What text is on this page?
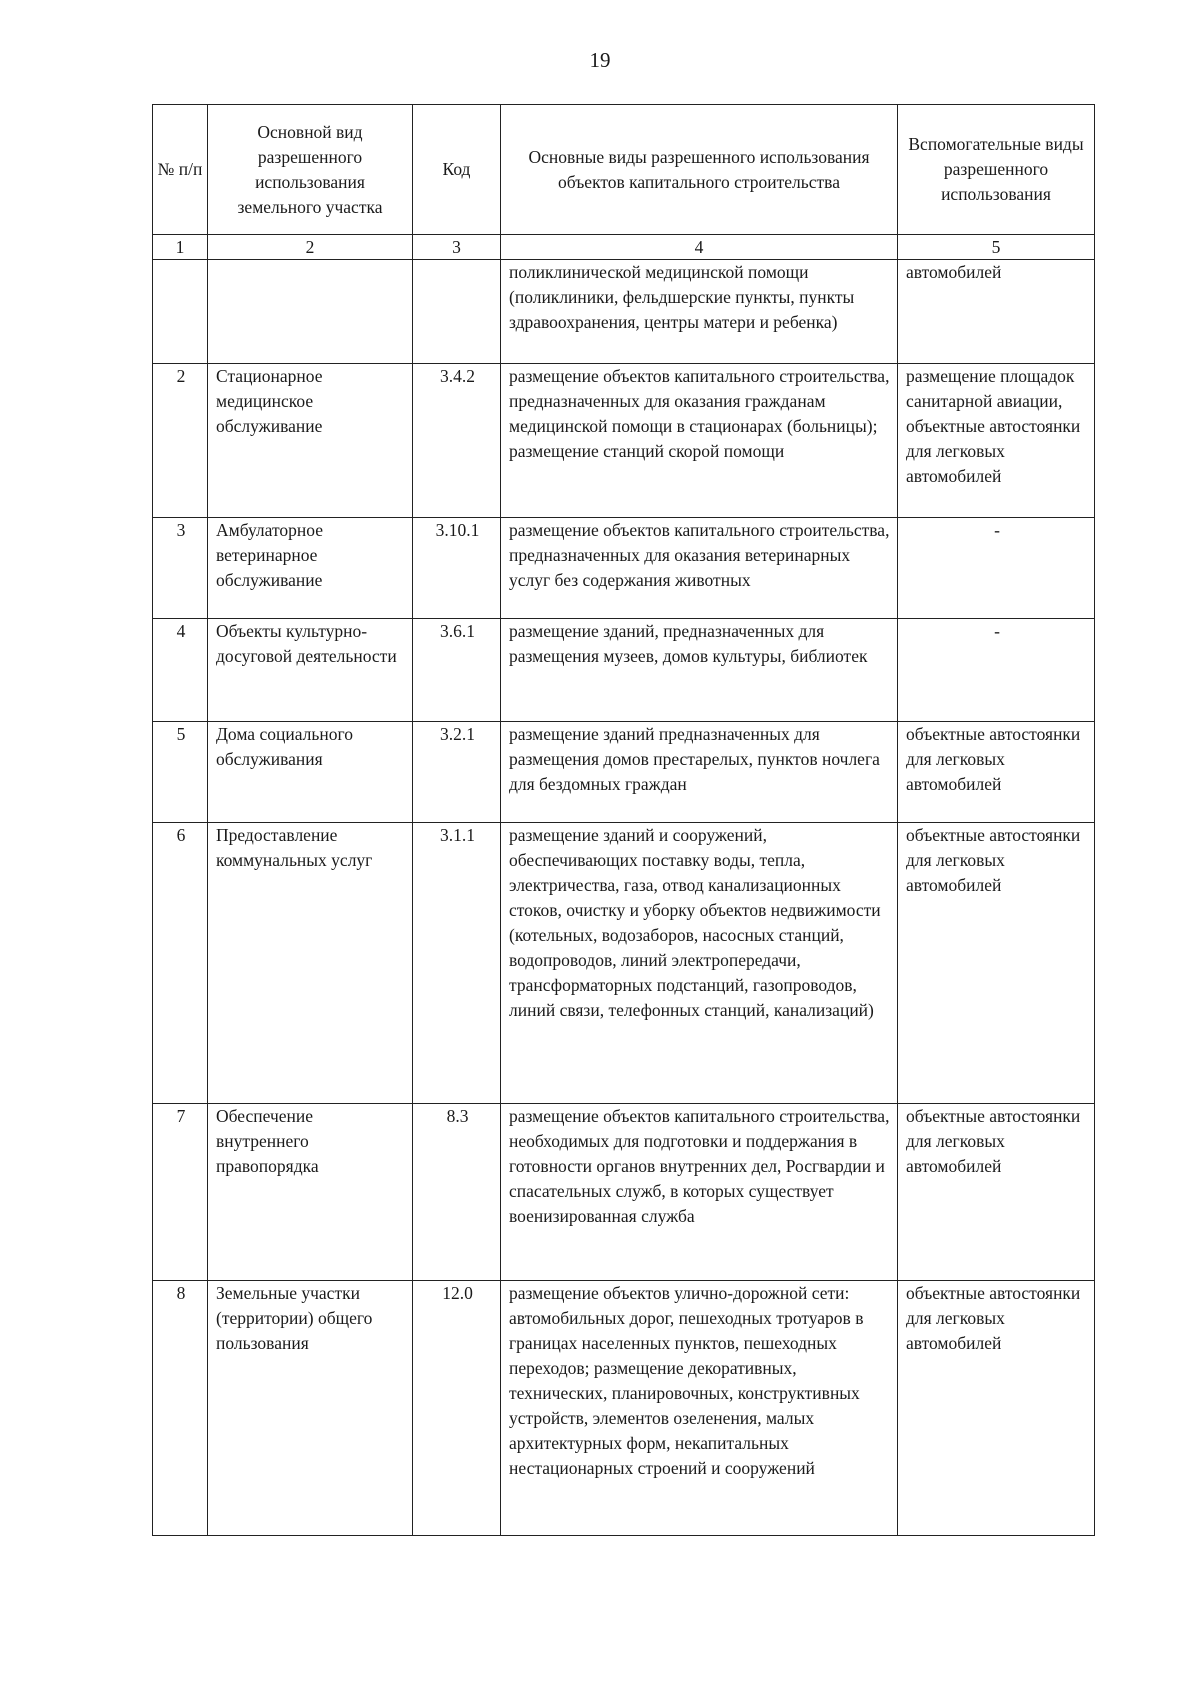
19
№ п/п	Основной вид разрешенного использования земельного участка	Код	Основные виды разрешенного использования объектов капитального строительства	Вспомогательные виды разрешенного использования
1	2	3	4	5
			поликлинической медицинской помощи (поликлиники, фельдшерские пункты, пункты здравоохранения, центры матери и ребенка)	автомобилей
2	Стационарное медицинское обслуживание	3.4.2	размещение объектов капитального строительства, предназначенных для оказания гражданам медицинской помощи в стационарах (больницы); размещение станций скорой помощи	размещение площадок санитарной авиации, объектные автостоянки для легковых автомобилей
3	Амбулаторное ветеринарное обслуживание	3.10.1	размещение объектов капитального строительства, предназначенных для оказания ветеринарных услуг без содержания животных	-
4	Объекты культурно-досуговой деятельности	3.6.1	размещение зданий, предназначенных для размещения музеев, домов культуры, библиотек	-
5	Дома социального обслуживания	3.2.1	размещение зданий предназначенных для размещения домов престарелых, пунктов ночлега для бездомных граждан	объектные автостоянки для легковых автомобилей
6	Предоставление коммунальных услуг	3.1.1	размещение зданий и сооружений, обеспечивающих поставку воды, тепла, электричества, газа, отвод канализационных стоков, очистку и уборку объектов недвижимости (котельных, водозаборов, насосных станций, водопроводов, линий электропередачи, трансформаторных подстанций, газопроводов, линий связи, телефонных станций, канализаций)	объектные автостоянки для легковых автомобилей
7	Обеспечение внутреннего правопорядка	8.3	размещение объектов капитального строительства, необходимых для подготовки и поддержания в готовности органов внутренних дел, Росгвардии и спасательных служб, в которых существует военизированная служба	объектные автостоянки для легковых автомобилей
8	Земельные участки (территории) общего пользования	12.0	размещение объектов улично-дорожной сети: автомобильных дорог, пешеходных тротуаров в границах населенных пунктов, пешеходных переходов; размещение декоративных, технических, планировочных, конструктивных устройств, элементов озеленения, малых архитектурных форм, некапитальных нестационарных строений и сооружений	объектные автостоянки для легковых автомобилей
